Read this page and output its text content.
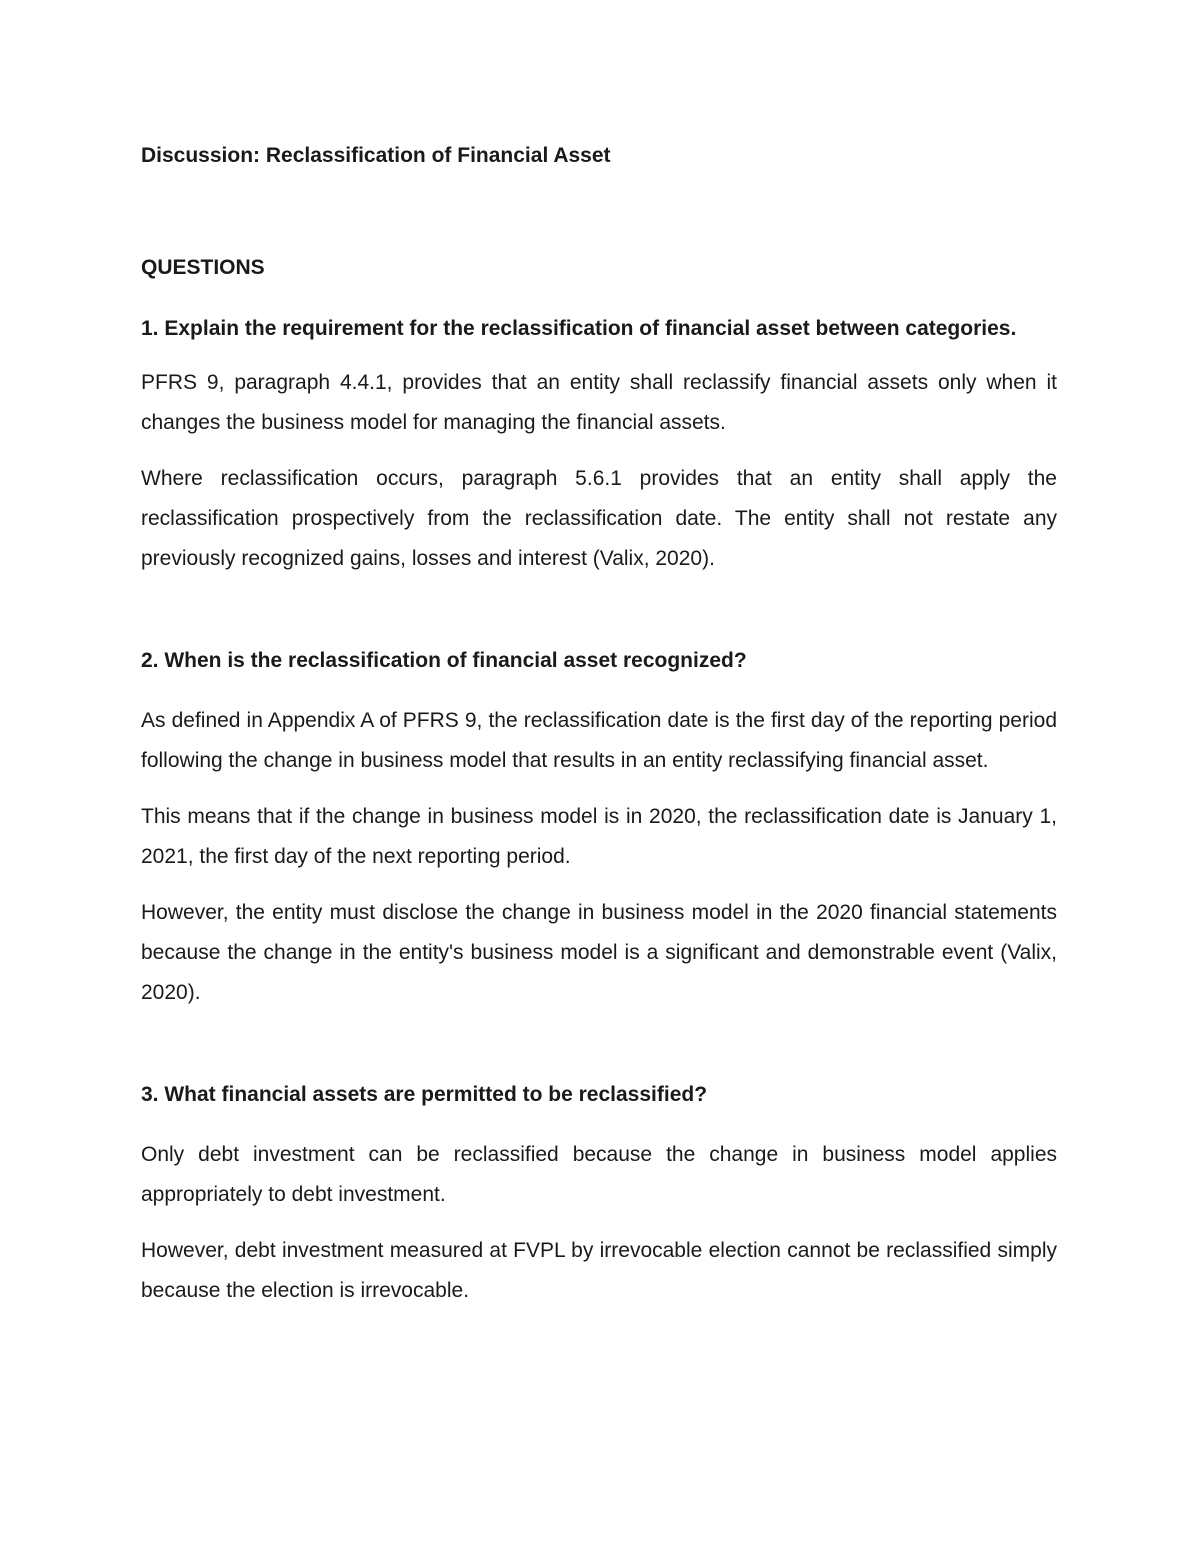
Discussion: Reclassification of Financial Asset

QUESTIONS

1. Explain the requirement for the reclassification of financial asset between categories.

PFRS 9, paragraph 4.4.1, provides that an entity shall reclassify financial assets only when it changes the business model for managing the financial assets.

Where reclassification occurs, paragraph 5.6.1 provides that an entity shall apply the reclassification prospectively from the reclassification date. The entity shall not restate any previously recognized gains, losses and interest (Valix, 2020).

2. When is the reclassification of financial asset recognized?

As defined in Appendix A of PFRS 9, the reclassification date is the first day of the reporting period following the change in business model that results in an entity reclassifying financial asset.

This means that if the change in business model is in 2020, the reclassification date is January 1, 2021, the first day of the next reporting period.

However, the entity must disclose the change in business model in the 2020 financial statements because the change in the entity's business model is a significant and demonstrable event (Valix, 2020).

3. What financial assets are permitted to be reclassified?

Only debt investment can be reclassified because the change in business model applies appropriately to debt investment.

However, debt investment measured at FVPL by irrevocable election cannot be reclassified simply because the election is irrevocable.
